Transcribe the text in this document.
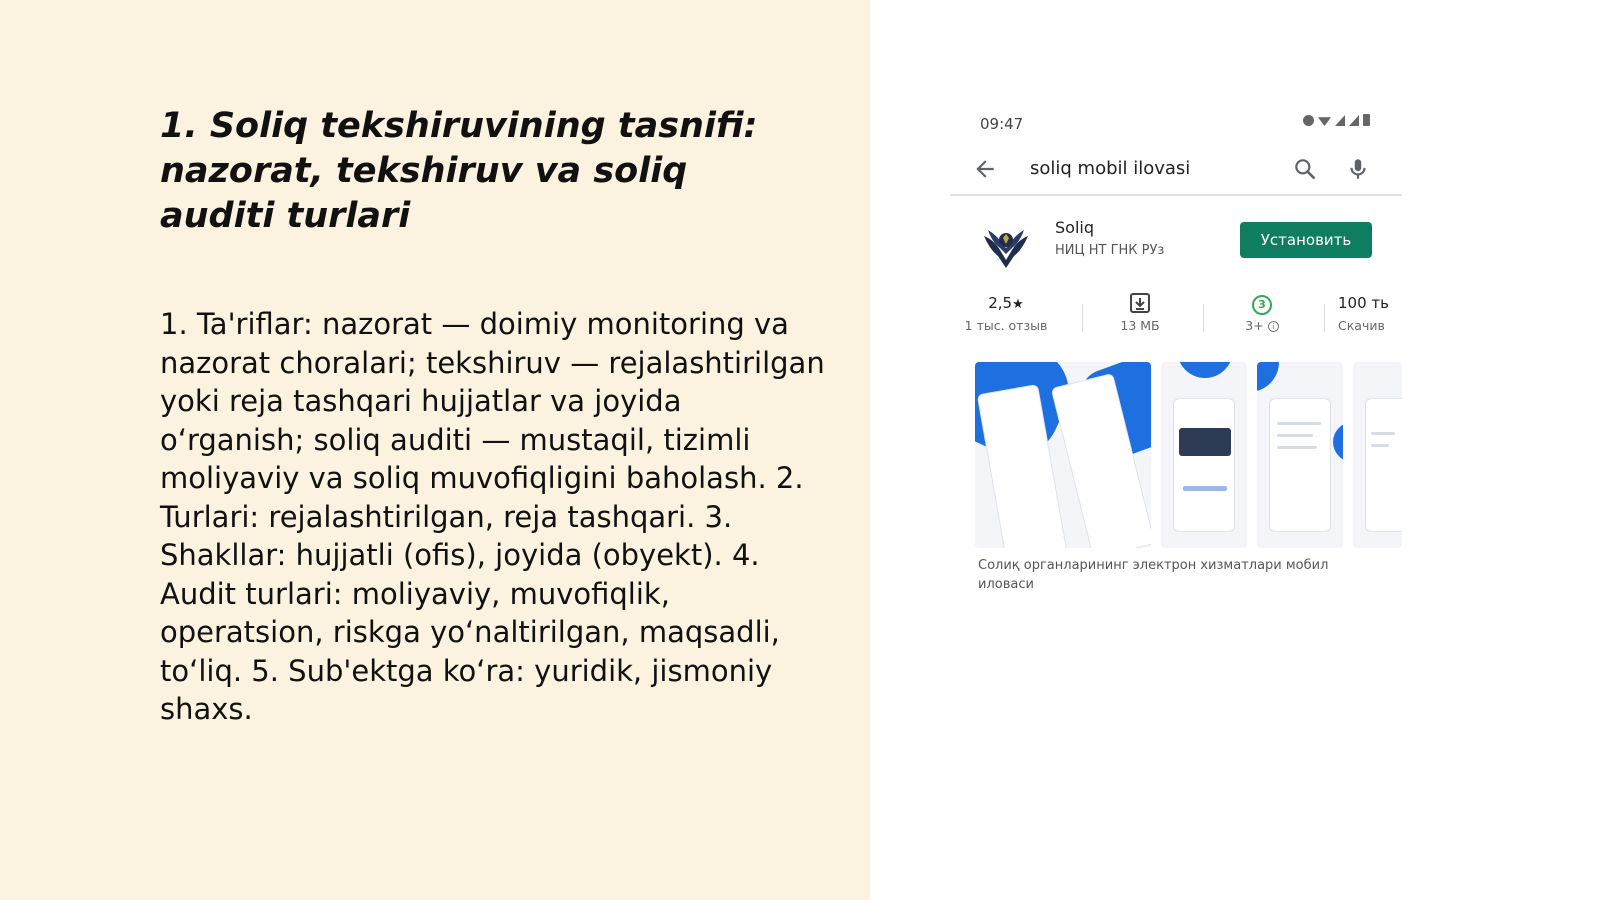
1. Soliq tekshiruvining tasnifi: nazorat, tekshiruv va soliq auditi turlari
1. Ta'riflar: nazorat — doimiy monitoring va nazorat choralari; tekshiruv — rejalashtirilgan yoki reja tashqari hujjatlar va joyida oʻrganish; soliq auditi — mustaqil, tizimli moliyaviy va soliq muvofiqligini baholash. 2. Turlari: rejalashtirilgan, reja tashqari. 3. Shakllar: hujjatli (ofis), joyida (obyekt). 4. Audit turlari: moliyaviy, muvofiqlik, operatsion, riskga yoʻnaltirilgan, maqsadli, toʻliq. 5. Sub'ektga koʻra: yuridik, jismoniy shaxs.
09:47
soliq mobil ilovasi
Soliq
НИЦ НТ ГНК РУз
Установить
2,5★
1 тыс. отзыв	13 МБ
3
3+ i
100 ть
Скачив
Солиқ органларининг электрон хизматлари мобил иловаси
